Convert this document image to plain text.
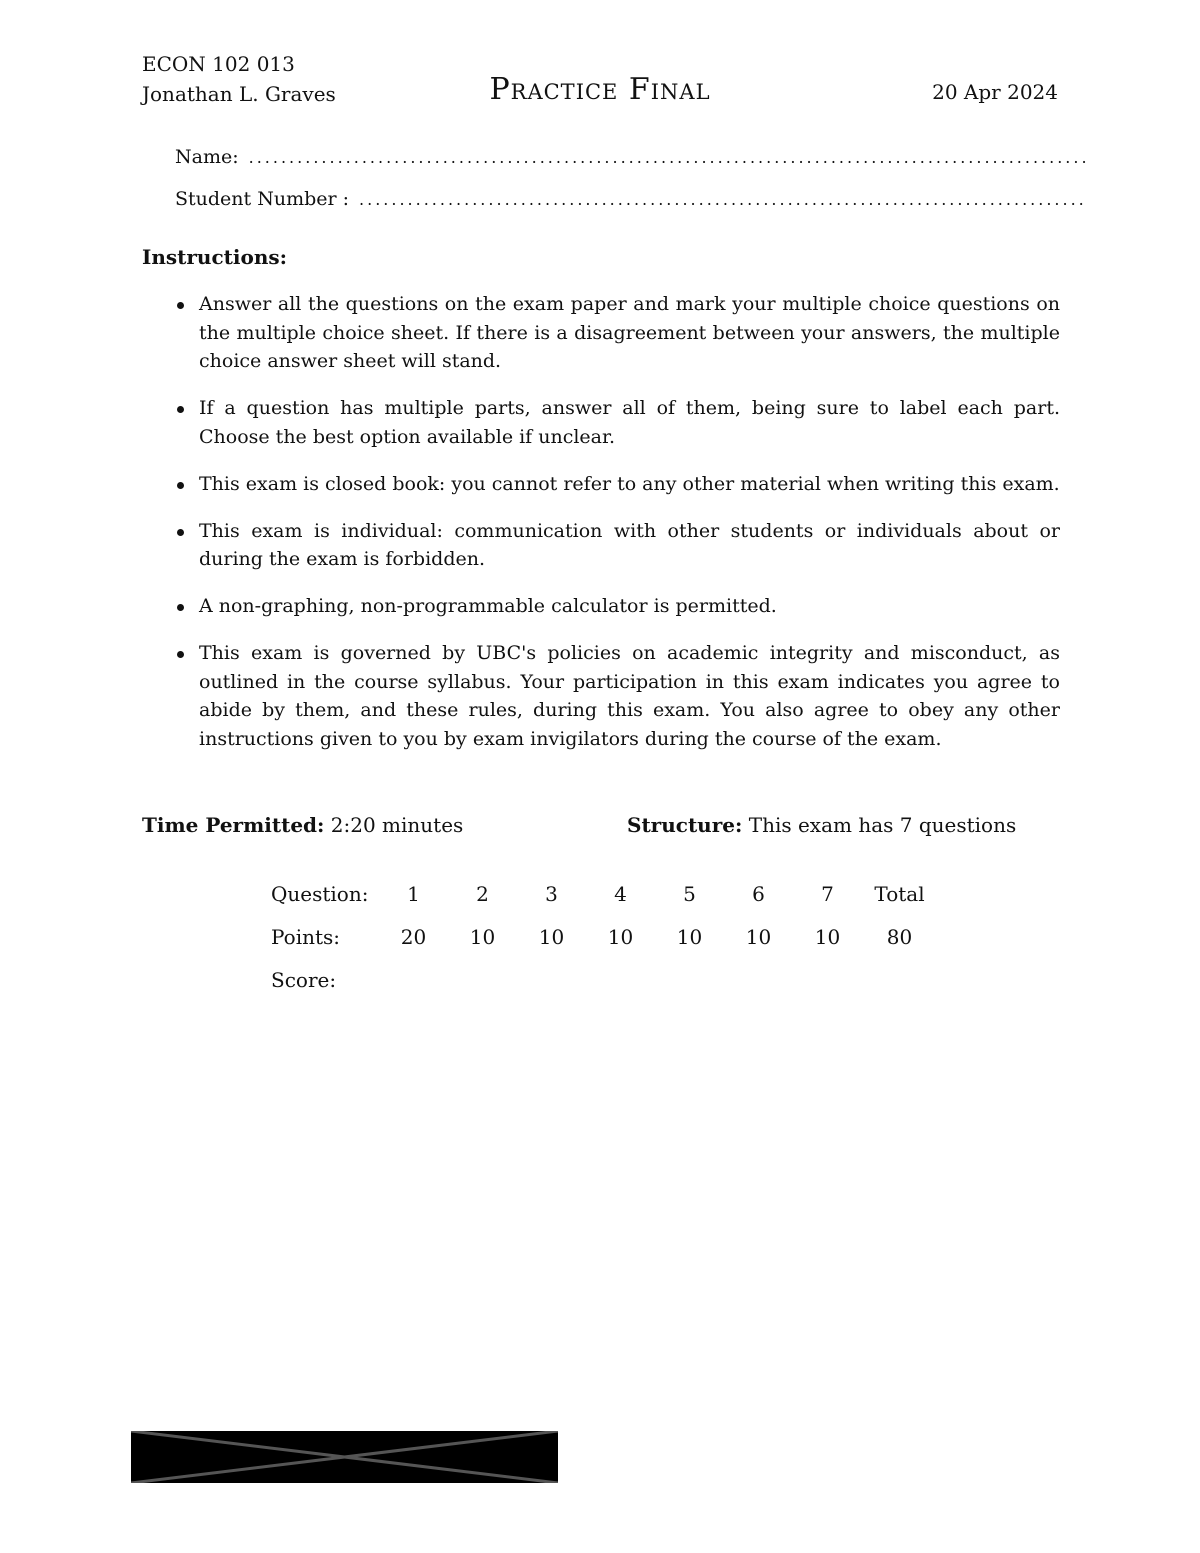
ECON 102 013
Jonathan L. Graves	Practice Final	20 Apr 2024
Name:
.....
Student Number :
.....
Instructions:
Answer all the questions on the exam paper and mark your multiple choice questions on the multiple choice sheet. If there is a disagreement between your answers, the multiple choice answer sheet will stand.
If a question has multiple parts, answer all of them, being sure to label each part. Choose the best option available if unclear.
This exam is closed book: you cannot refer to any other material when writing this exam.
This exam is individual: communication with other students or individuals about or during the exam is forbidden.
A non-graphing, non-programmable calculator is permitted.
This exam is governed by UBC's policies on academic integrity and misconduct, as outlined in the course syllabus. Your participation in this exam indicates you agree to abide by them, and these rules, during this exam. You also agree to obey any other instructions given to you by exam invigilators during the course of the exam.
Time Permitted: 2:20 minutes	Structure: This exam has 7 questions
Question:	1	2	3	4	5	6	7	Total
Points:	20	10	10	10	10	10	10	80
Score:								
